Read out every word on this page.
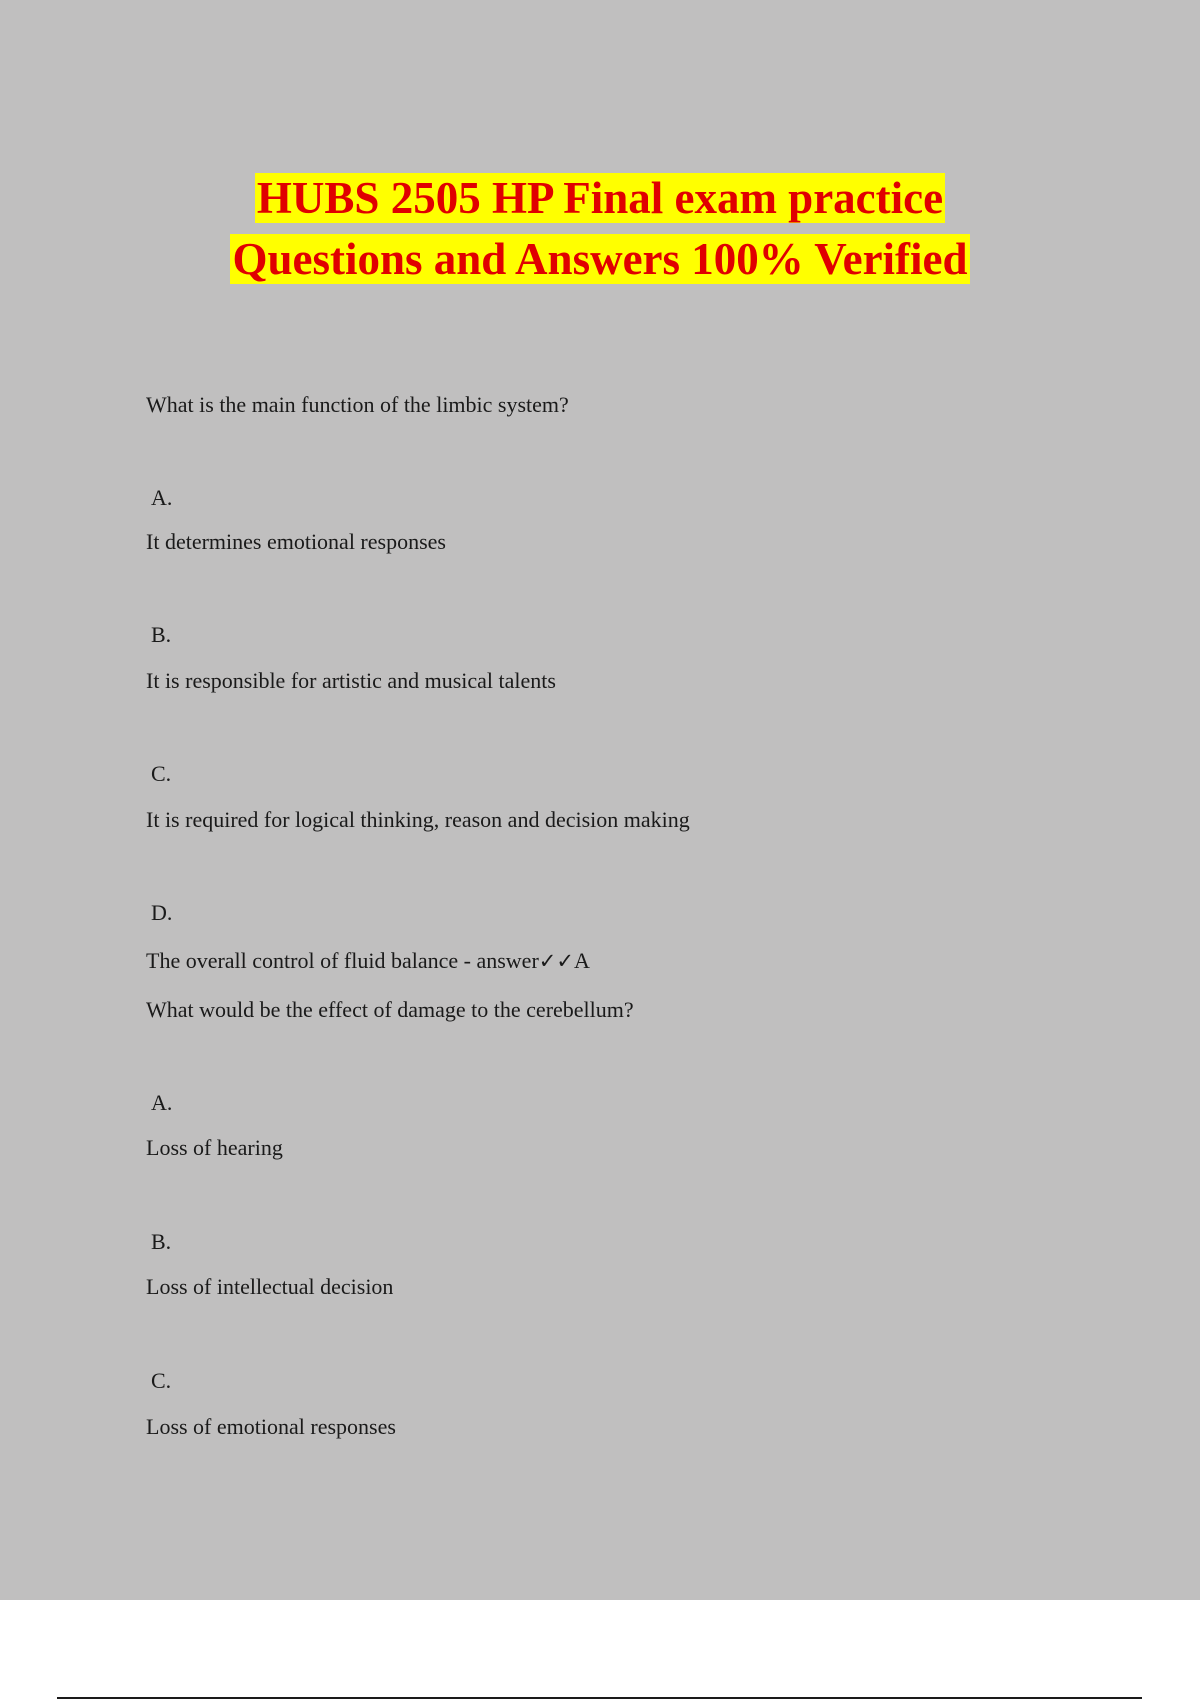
HUBS 2505 HP Final exam practice
Questions and Answers 100% Verified
What is the main function of the limbic system?
A.
It determines emotional responses
B.
It is responsible for artistic and musical talents
C.
It is required for logical thinking, reason and decision making
D.
The overall control of fluid balance - answer✓✓A
What would be the effect of damage to the cerebellum?
A.
Loss of hearing
B.
Loss of intellectual decision
C.
Loss of emotional responses
